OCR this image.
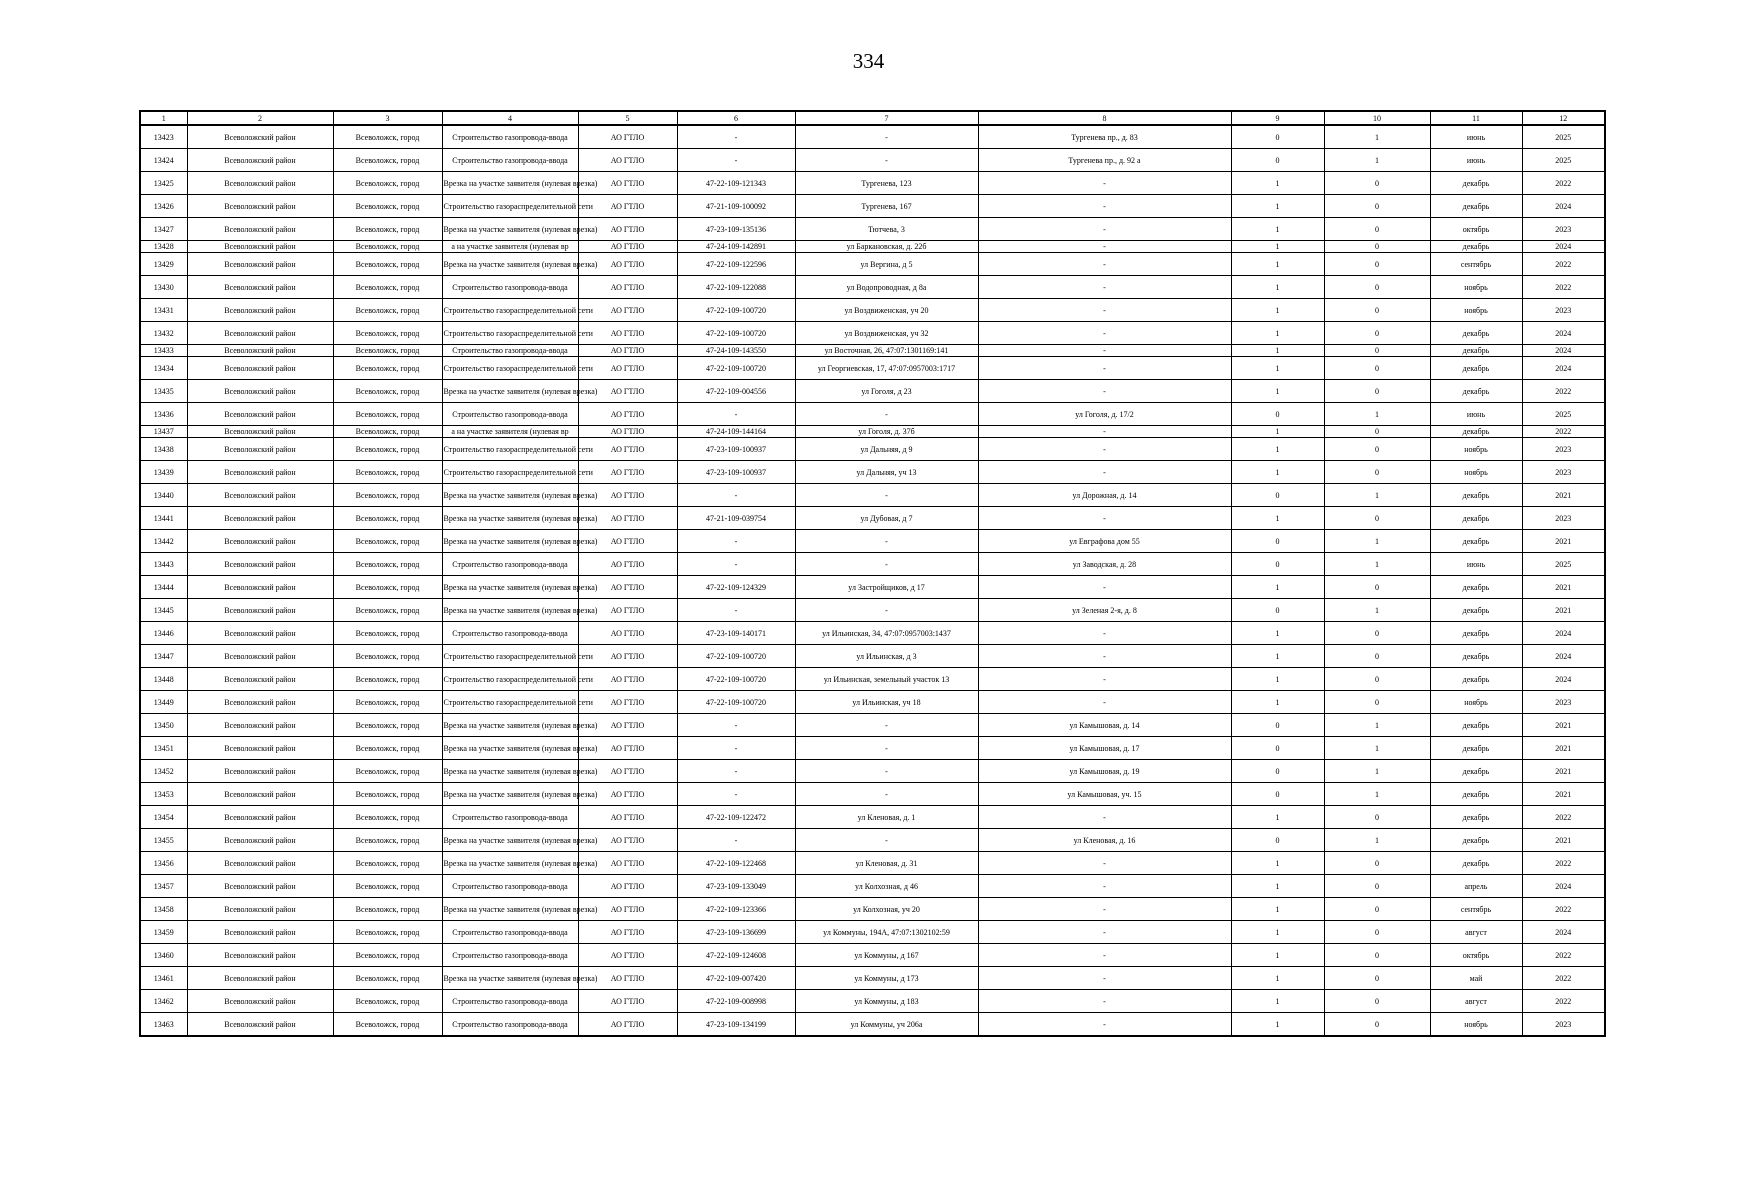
334
1	2	3	4	5	6	7	8	9	10	11	12
13423	Всеволожский район	Всеволожск, город	Строительство газопровода-ввода	АО ГТЛО	-	-	Тургенева пр., д. 83	0	1	июнь	2025
13424	Всеволожский район	Всеволожск, город	Строительство газопровода-ввода	АО ГТЛО	-	-	Тургенева пр., д. 92 а	0	1	июнь	2025
13425	Всеволожский район	Всеволожск, город	Врезка на участке заявителя (нулевая врезка)	АО ГТЛО	47-22-109-121343	Тургенева, 123	-	1	0	декабрь	2022
13426	Всеволожский район	Всеволожск, город	Строительство газораспределительной сети	АО ГТЛО	47-21-109-100092	Тургенева, 167	-	1	0	декабрь	2024
13427	Всеволожский район	Всеволожск, город	Врезка на участке заявителя (нулевая врезка)	АО ГТЛО	47-23-109-135136	Тютчева, 3	-	1	0	октябрь	2023
13428	Всеволожский район	Всеволожск, город	а на участке заявителя (нулевая вр	АО ГТЛО	47-24-109-142891	ул Баркановская, д. 22б	-	1	0	декабрь	2024
13429	Всеволожский район	Всеволожск, город	Врезка на участке заявителя (нулевая врезка)	АО ГТЛО	47-22-109-122596	ул Вергина, д 5	-	1	0	сентябрь	2022
13430	Всеволожский район	Всеволожск, город	Строительство газопровода-ввода	АО ГТЛО	47-22-109-122088	ул Водопроводная, д 8а	-	1	0	ноябрь	2022
13431	Всеволожский район	Всеволожск, город	Строительство газораспределительной сети	АО ГТЛО	47-22-109-100720	ул Воздвиженская, уч 20	-	1	0	ноябрь	2023
13432	Всеволожский район	Всеволожск, город	Строительство газораспределительной сети	АО ГТЛО	47-22-109-100720	ул Воздвиженская, уч 32	-	1	0	декабрь	2024
13433	Всеволожский район	Всеволожск, город	Строительство газопровода-ввода	АО ГТЛО	47-24-109-143550	ул Восточная, 26, 47:07:1301169:141	-	1	0	декабрь	2024
13434	Всеволожский район	Всеволожск, город	Строительство газораспределительной сети	АО ГТЛО	47-22-109-100720	ул Георгиевская, 17, 47:07:0957003:1717	-	1	0	декабрь	2024
13435	Всеволожский район	Всеволожск, город	Врезка на участке заявителя (нулевая врезка)	АО ГТЛО	47-22-109-004556	ул Гоголя, д 23	-	1	0	декабрь	2022
13436	Всеволожский район	Всеволожск, город	Строительство газопровода-ввода	АО ГТЛО	-	-	ул Гоголя, д. 17/2	0	1	июнь	2025
13437	Всеволожский район	Всеволожск, город	а на участке заявителя (нулевая вр	АО ГТЛО	47-24-109-144164	ул Гоголя, д. 37б	-	1	0	декабрь	2022
13438	Всеволожский район	Всеволожск, город	Строительство газораспределительной сети	АО ГТЛО	47-23-109-100937	ул Дальняя, д 9	-	1	0	ноябрь	2023
13439	Всеволожский район	Всеволожск, город	Строительство газораспределительной сети	АО ГТЛО	47-23-109-100937	ул Дальняя, уч 13	-	1	0	ноябрь	2023
13440	Всеволожский район	Всеволожск, город	Врезка на участке заявителя (нулевая врезка)	АО ГТЛО	-	-	ул Дорожная, д. 14	0	1	декабрь	2021
13441	Всеволожский район	Всеволожск, город	Врезка на участке заявителя (нулевая врезка)	АО ГТЛО	47-21-109-039754	ул Дубовая, д 7	-	1	0	декабрь	2023
13442	Всеволожский район	Всеволожск, город	Врезка на участке заявителя (нулевая врезка)	АО ГТЛО	-	-	ул Евграфова дом 55	0	1	декабрь	2021
13443	Всеволожский район	Всеволожск, город	Строительство газопровода-ввода	АО ГТЛО	-	-	ул Заводская, д. 28	0	1	июнь	2025
13444	Всеволожский район	Всеволожск, город	Врезка на участке заявителя (нулевая врезка)	АО ГТЛО	47-22-109-124329	ул Застройщиков, д 17	-	1	0	декабрь	2021
13445	Всеволожский район	Всеволожск, город	Врезка на участке заявителя (нулевая врезка)	АО ГТЛО	-	-	ул Зеленая 2-я, д. 8	0	1	декабрь	2021
13446	Всеволожский район	Всеволожск, город	Строительство газопровода-ввода	АО ГТЛО	47-23-109-140171	ул Ильинская, 34, 47:07:0957003:1437	-	1	0	декабрь	2024
13447	Всеволожский район	Всеволожск, город	Строительство газораспределительной сети	АО ГТЛО	47-22-109-100720	ул Ильинская, д 3	-	1	0	декабрь	2024
13448	Всеволожский район	Всеволожск, город	Строительство газораспределительной сети	АО ГТЛО	47-22-109-100720	ул Ильинская, земельный участок 13	-	1	0	декабрь	2024
13449	Всеволожский район	Всеволожск, город	Строительство газораспределительной сети	АО ГТЛО	47-22-109-100720	ул Ильинская, уч 18	-	1	0	ноябрь	2023
13450	Всеволожский район	Всеволожск, город	Врезка на участке заявителя (нулевая врезка)	АО ГТЛО	-	-	ул Камышовая, д. 14	0	1	декабрь	2021
13451	Всеволожский район	Всеволожск, город	Врезка на участке заявителя (нулевая врезка)	АО ГТЛО	-	-	ул Камышовая, д. 17	0	1	декабрь	2021
13452	Всеволожский район	Всеволожск, город	Врезка на участке заявителя (нулевая врезка)	АО ГТЛО	-	-	ул Камышовая, д. 19	0	1	декабрь	2021
13453	Всеволожский район	Всеволожск, город	Врезка на участке заявителя (нулевая врезка)	АО ГТЛО	-	-	ул Камышовая, уч. 15	0	1	декабрь	2021
13454	Всеволожский район	Всеволожск, город	Строительство газопровода-ввода	АО ГТЛО	47-22-109-122472	ул Кленовая, д. 1	-	1	0	декабрь	2022
13455	Всеволожский район	Всеволожск, город	Врезка на участке заявителя (нулевая врезка)	АО ГТЛО	-	-	ул Кленовая, д. 16	0	1	декабрь	2021
13456	Всеволожский район	Всеволожск, город	Врезка на участке заявителя (нулевая врезка)	АО ГТЛО	47-22-109-122468	ул Кленовая, д. 31	-	1	0	декабрь	2022
13457	Всеволожский район	Всеволожск, город	Строительство газопровода-ввода	АО ГТЛО	47-23-109-133049	ул Колхозная, д 46	-	1	0	апрель	2024
13458	Всеволожский район	Всеволожск, город	Врезка на участке заявителя (нулевая врезка)	АО ГТЛО	47-22-109-123366	ул Колхозная, уч 20	-	1	0	сентябрь	2022
13459	Всеволожский район	Всеволожск, город	Строительство газопровода-ввода	АО ГТЛО	47-23-109-136699	ул Коммуны, 194А, 47:07:1302102:59	-	1	0	август	2024
13460	Всеволожский район	Всеволожск, город	Строительство газопровода-ввода	АО ГТЛО	47-22-109-124608	ул Коммуны, д 167	-	1	0	октябрь	2022
13461	Всеволожский район	Всеволожск, город	Врезка на участке заявителя (нулевая врезка)	АО ГТЛО	47-22-109-007420	ул Коммуны, д 173	-	1	0	май	2022
13462	Всеволожский район	Всеволожск, город	Строительство газопровода-ввода	АО ГТЛО	47-22-109-008998	ул Коммуны, д 183	-	1	0	август	2022
13463	Всеволожский район	Всеволожск, город	Строительство газопровода-ввода	АО ГТЛО	47-23-109-134199	ул Коммуны, уч 206а	-	1	0	ноябрь	2023
